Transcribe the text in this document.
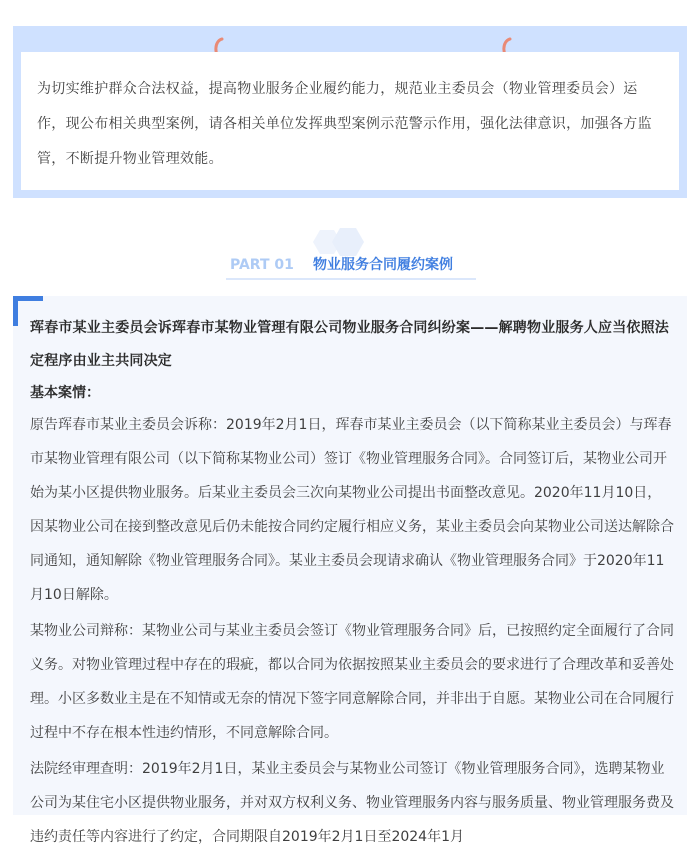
为切实维护群众合法权益，提高物业服务企业履约能力，规范业主委员会（物业管理委员会）运作，现公布相关典型案例，请各相关单位发挥典型案例示范警示作用，强化法律意识，加强各方监管，不断提升物业管理效能。

PART 01 物业服务合同履约案例

珲春市某业主委员会诉珲春市某物业管理有限公司物业服务合同纠纷案——解聘物业服务人应当依照法定程序由业主共同决定

基本案情：

原告珲春市某业主委员会诉称：2019年2月1日，珲春市某业主委员会（以下简称某业主委员会）与珲春市某物业管理有限公司（以下简称某物业公司）签订《物业管理服务合同》。合同签订后，某物业公司开始为某小区提供物业服务。后某业主委员会三次向某物业公司提出书面整改意见。2020年11月10日，因某物业公司在接到整改意见后仍未能按合同约定履行相应义务，某业主委员会向某物业公司送达解除合同通知，通知解除《物业管理服务合同》。某业主委员会现请求确认《物业管理服务合同》于2020年11月10日解除。

某物业公司辩称：某物业公司与某业主委员会签订《物业管理服务合同》后，已按照约定全面履行了合同义务。对物业管理过程中存在的瑕疵，都以合同为依据按照某业主委员会的要求进行了合理改革和妥善处理。小区多数业主是在不知情或无奈的情况下签字同意解除合同，并非出于自愿。某物业公司在合同履行过程中不存在根本性违约情形，不同意解除合同。

法院经审理查明：2019年2月1日，某业主委员会与某物业公司签订《物业管理服务合同》，选聘某物业公司为某住宅小区提供物业服务，并对双方权利义务、物业管理服务内容与服务质量、物业管理服务费及违约责任等内容进行了约定，合同期限自2019年2月1日至2024年1月
